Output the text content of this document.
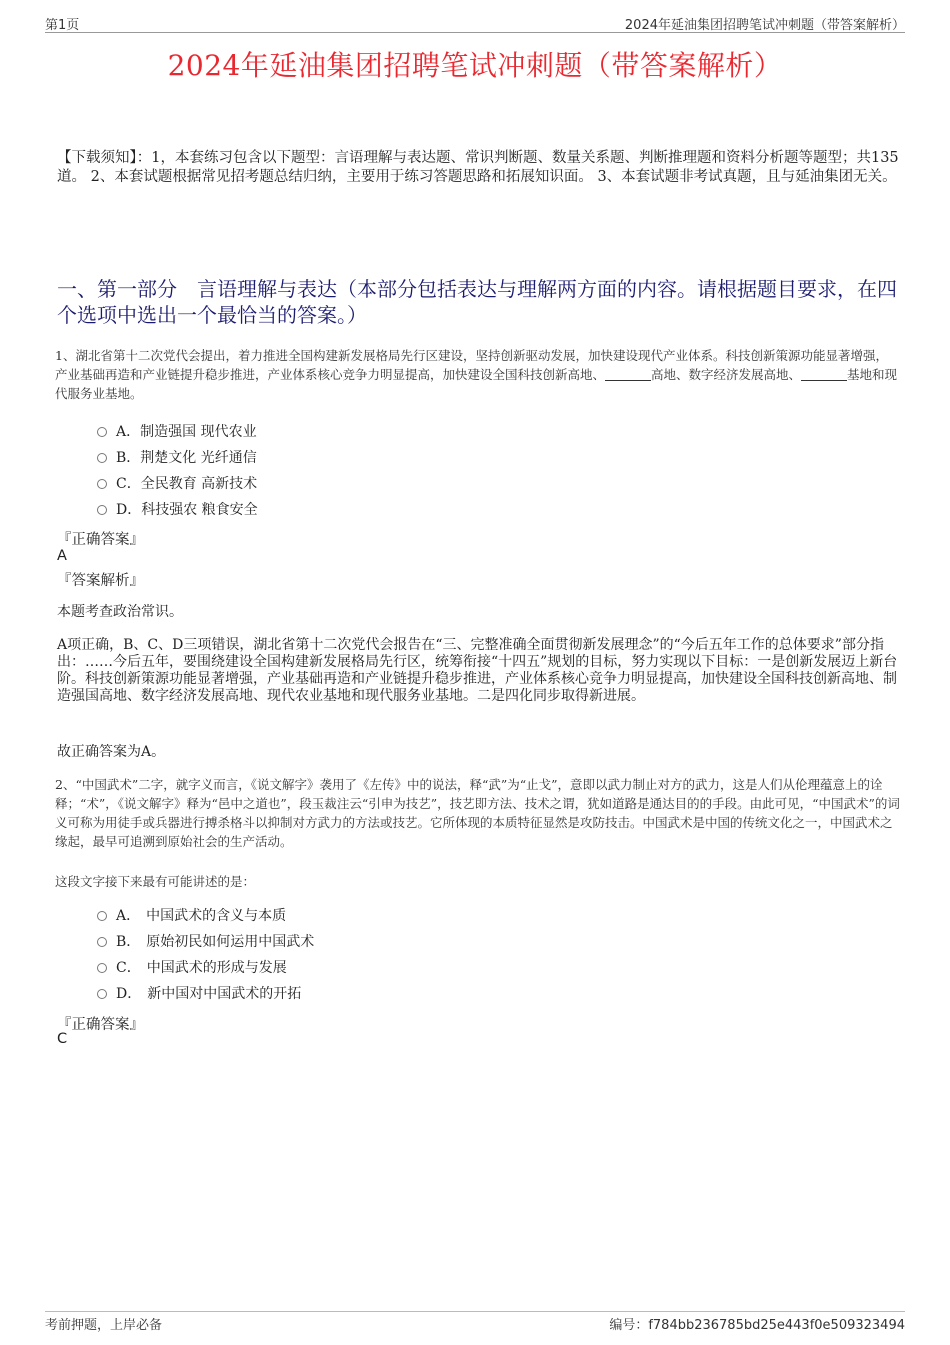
第1页	2024年延油集团招聘笔试冲刺题（带答案解析）
2024年延油集团招聘笔试冲刺题（带答案解析）
【下载须知】：1，本套练习包含以下题型：言语理解与表达题、常识判断题、数量关系题、判断推理题和资料分析题等题型；共135道。 2、本套试题根据常见招考题总结归纳，主要用于练习答题思路和拓展知识面。 3、本套试题非考试真题，且与延油集团无关。
一、第一部分　言语理解与表达（本部分包括表达与理解两方面的内容。请根据题目要求，在四个选项中选出一个最恰当的答案。）
1、湖北省第十二次党代会提出，着力推进全国构建新发展格局先行区建设，坚持创新驱动发展，加快建设现代产业体系。科技创新策源功能显著增强，产业基础再造和产业链提升稳步推进，产业体系核心竞争力明显提高，加快建设全国科技创新高地、	高地、数字经济发展高地、	基地和现代服务业基地。
A．制造强国 现代农业
B．荆楚文化 光纤通信
C．全民教育 高新技术
D．科技强农 粮食安全
『正确答案』
A
『答案解析』
本题考查政治常识。
A项正确，B、C、D三项错误，湖北省第十二次党代会报告在“三、完整准确全面贯彻新发展理念”的“今后五年工作的总体要求”部分指出：……今后五年，要围绕建设全国构建新发展格局先行区，统筹衔接“十四五”规划的目标，努力实现以下目标：一是创新发展迈上新台阶。科技创新策源功能显著增强，产业基础再造和产业链提升稳步推进，产业体系核心竞争力明显提高，加快建设全国科技创新高地、制造强国高地、数字经济发展高地、现代农业基地和现代服务业基地。二是四化同步取得新进展。
故正确答案为A。
2、“中国武术”二字，就字义而言，《说文解字》袭用了《左传》中的说法，释“武”为“止戈”，意即以武力制止对方的武力，这是人们从伦理蕴意上的诠释；“术”，《说文解字》释为“邑中之道也”，段玉裁注云“引申为技艺”，技艺即方法、技术之谓，犹如道路是通达目的的手段。由此可见，“中国武术”的词义可称为用徒手或兵器进行搏杀格斗以抑制对方武力的方法或技艺。它所体现的本质特征显然是攻防技击。中国武术是中国的传统文化之一，中国武术之缘起，最早可追溯到原始社会的生产活动。
这段文字接下来最有可能讲述的是：
A． 中国武术的含义与本质
B． 原始初民如何运用中国武术
C． 中国武术的形成与发展
D． 新中国对中国武术的开拓
『正确答案』
C
考前押题，上岸必备	编号：f784bb236785bd25e443f0e509323494
